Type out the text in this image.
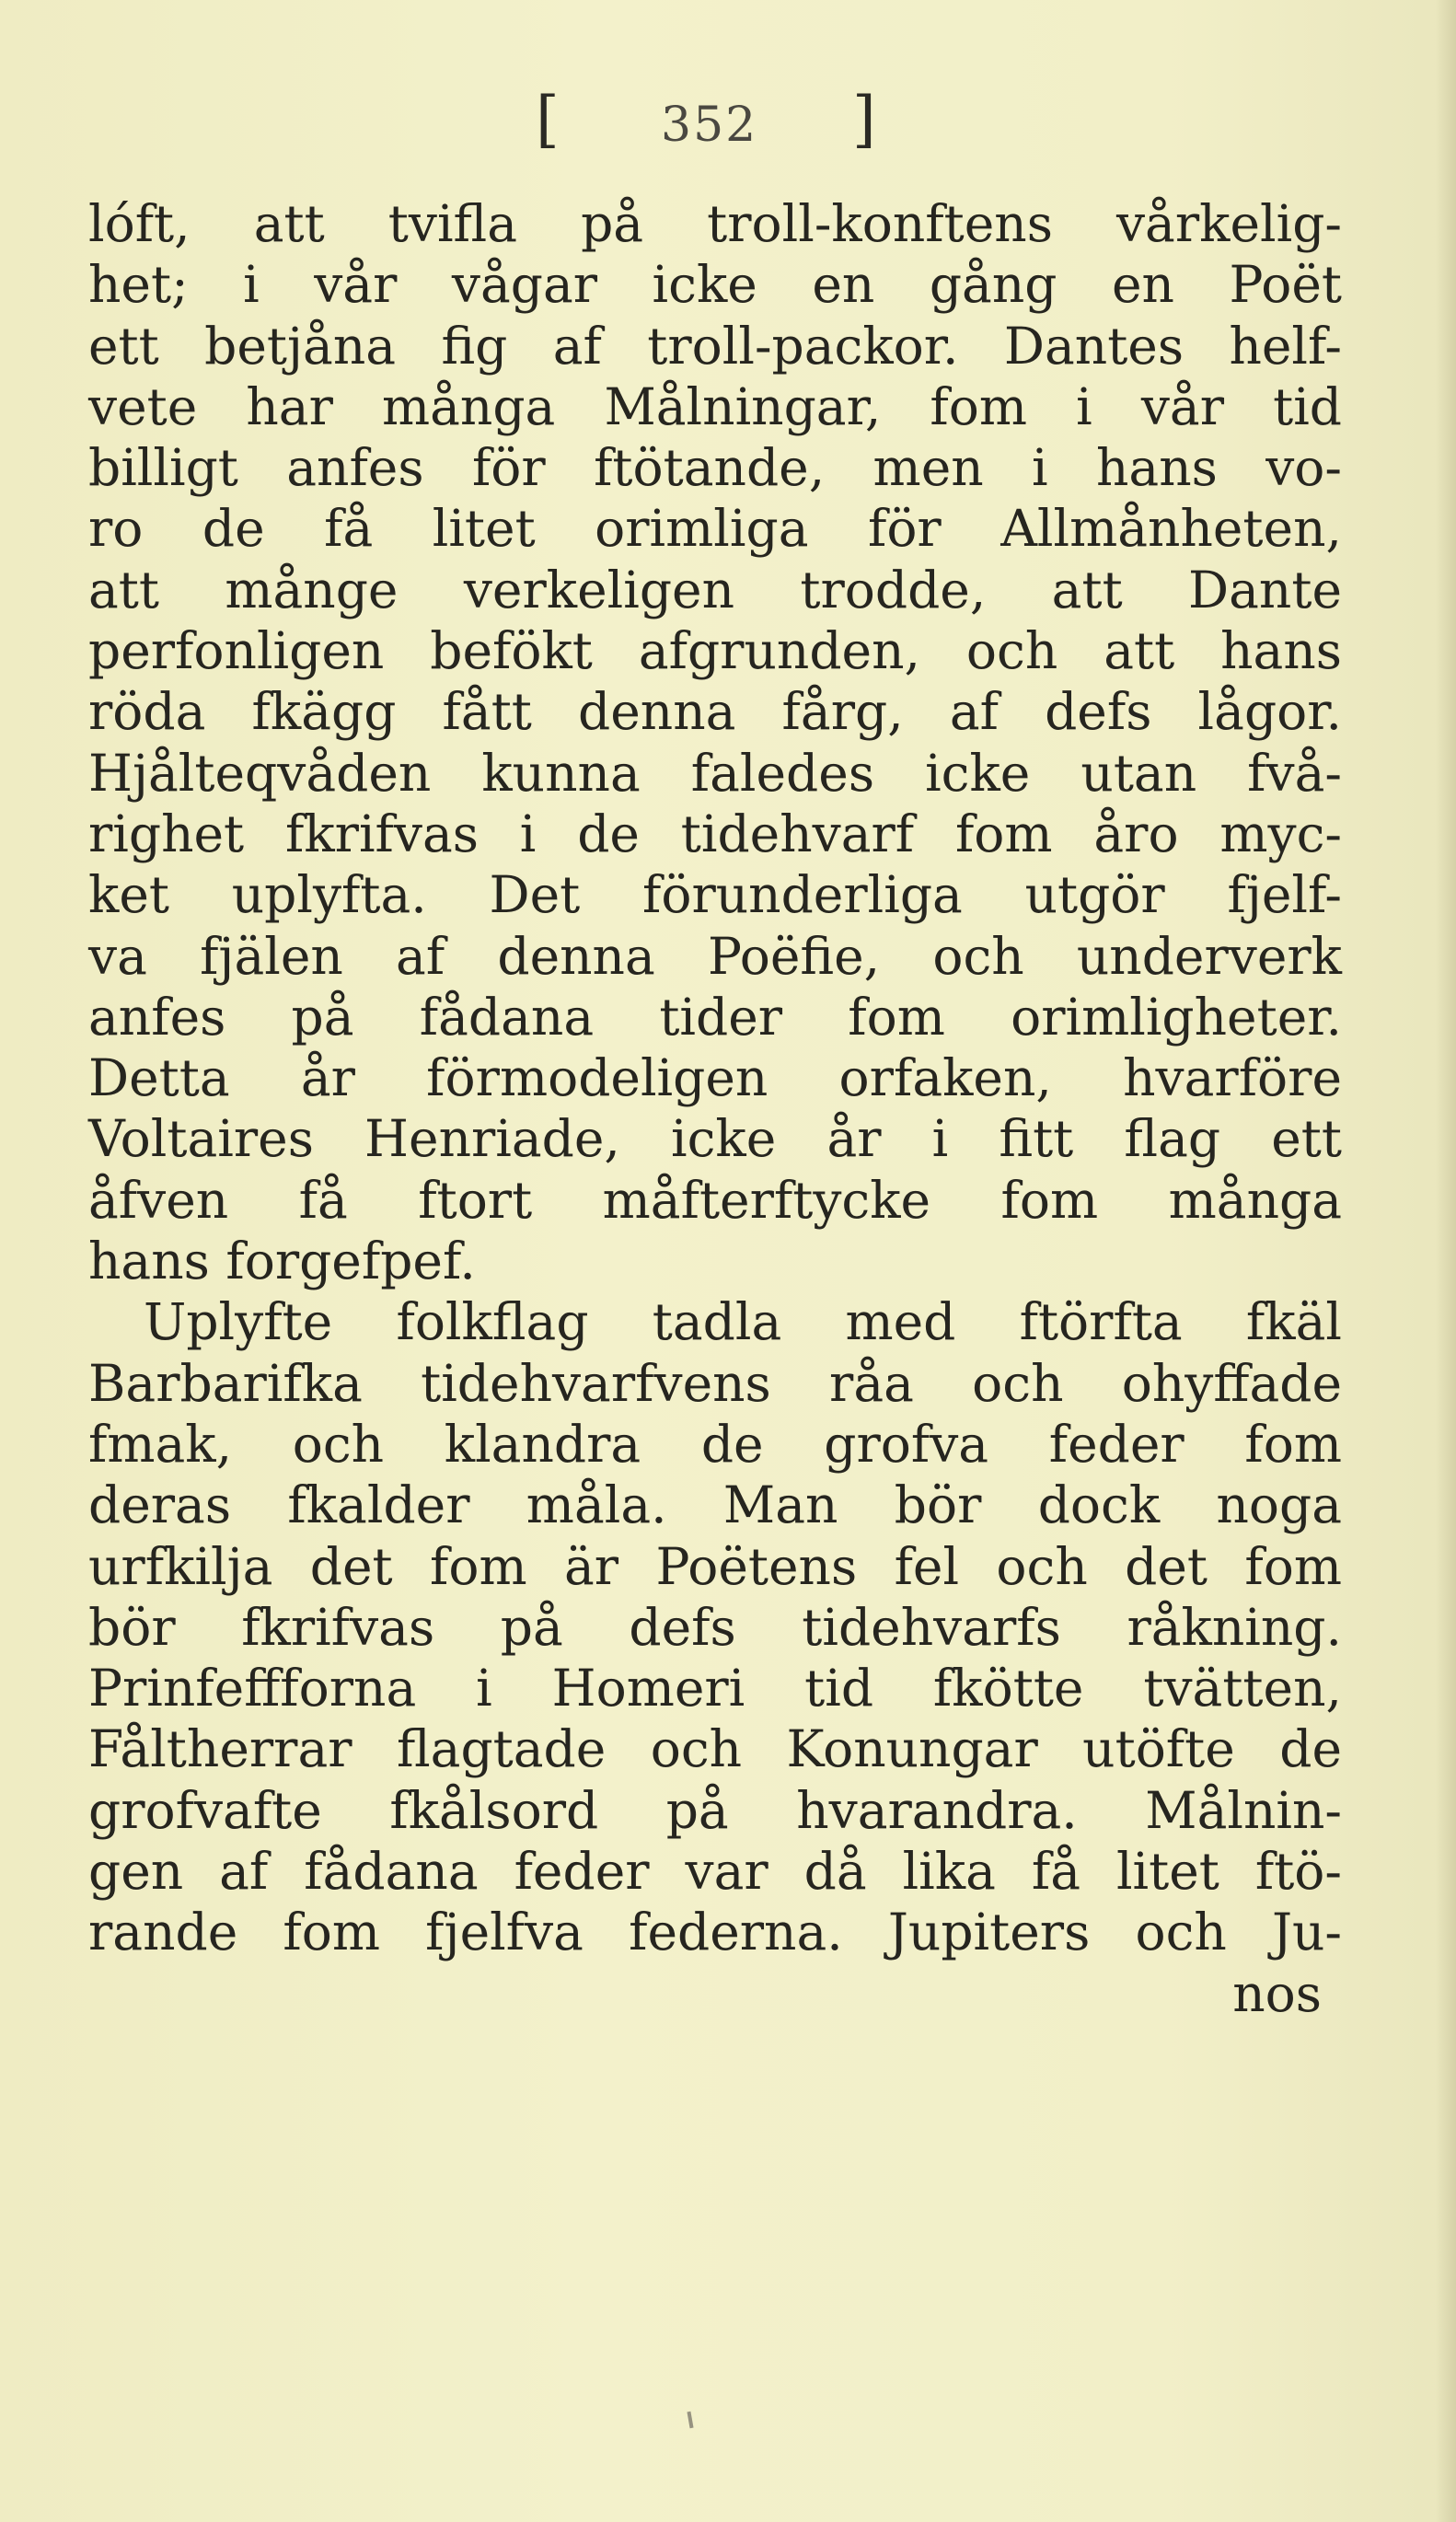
[ 352 ]
lóft, att tvifla på troll-konftens vårkelig-
het; i vår vågar icke en gång en Poët
ett betjåna fig af troll-packor. Dantes helf-
vete har många Målningar, fom i vår tid
billigt anfes för ftötande, men i hans vo-
ro de få litet orimliga för Allmånheten,
att månge verkeligen trodde, att Dante
perfonligen befökt afgrunden, och att hans
röda fkägg fått denna fårg, af defs lågor.
Hjålteqvåden kunna faledes icke utan fvå-
righet fkrifvas i de tidehvarf fom åro myc-
ket uplyfta. Det förunderliga utgör fjelf-
va fjälen af denna Poëfie, och underverk
anfes på fådana tider fom orimligheter.
Detta år förmodeligen orfaken, hvarföre
Voltaires Henriade, icke år i fitt flag ett
åfven få ftort måfterftycke fom många
hans forgefpef.
Uplyfte folkflag tadla med ftörfta fkäl
Barbarifka tidehvarfvens råa och ohyffade
fmak, och klandra de grofva feder fom
deras fkalder måla. Man bör dock noga
urfkilja det fom är Poëtens fel och det fom
bör fkrifvas på defs tidehvarfs råkning.
Prinfeffforna i Homeri tid fkötte tvätten,
Fåltherrar flagtade och Konungar utöfte de
grofvafte fkålsord på hvarandra. Målnin-
gen af fådana feder var då lika få litet ftö-
rande fom fjelfva federna. Jupiters och Ju-
nos
